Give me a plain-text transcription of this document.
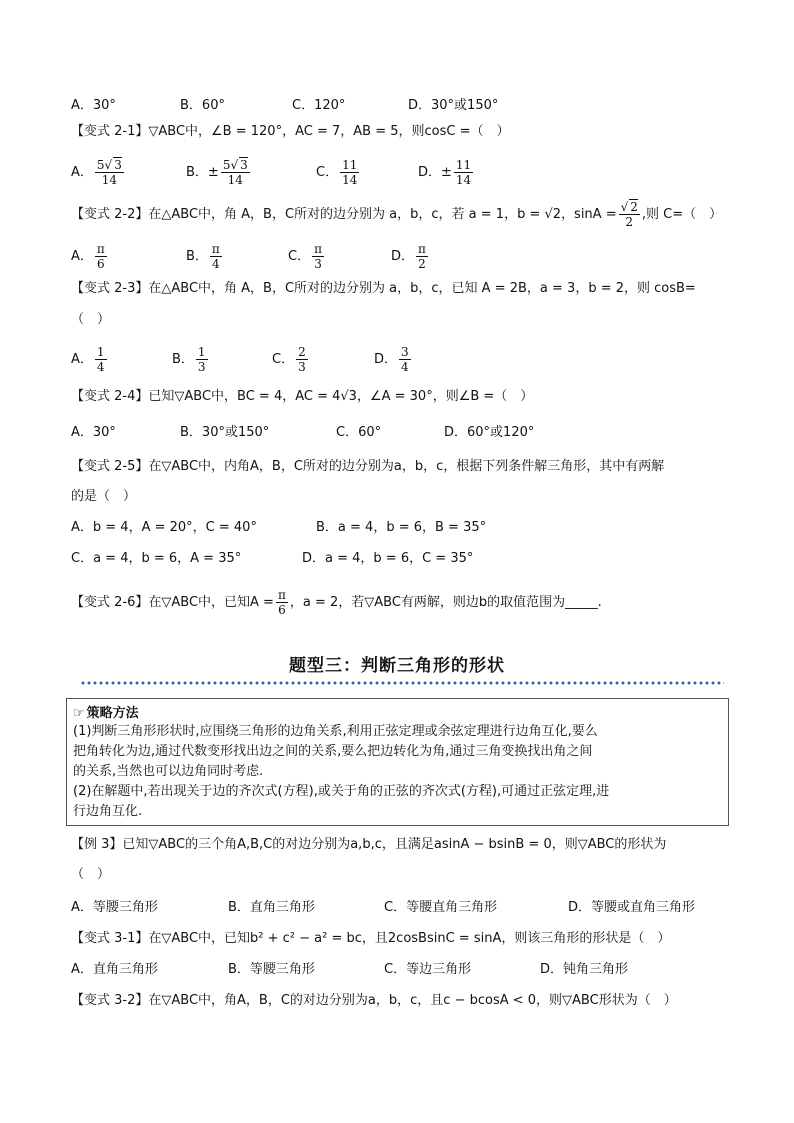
A．30°	B．60°	C．120°	D．30°或150°
【变式 2-1】▽ABC中，∠B = 120°，AC = 7，AB = 5，则cosC =（　）
A． $\frac{5√ 3}{14}$	B．± $\frac{5√ 3}{14}$	C． $\frac{11}{14}$	D．± $\frac{11}{14}$
【变式 2-2】在△ABC中，角 A，B，C所对的边分别为 a，b，c，若 a = 1，b = √2，$\sin A = \frac{√ 2}{2}$ ,则 C=（　）
A． $\frac{\pi}{6}$	B． $\frac{\pi}{4}$	C． $\frac{\pi}{3}$	D． $\frac{\pi}{2}$
【变式 2-3】在△ABC中，角 A，B，C所对的边分别为 a，b，c，已知 A = 2B，a = 3，b = 2，则 cosB=
（　）
A． $\frac{1}{4}$	B． $\frac{1}{3}$	C． $\frac{2}{3}$	D． $\frac{3}{4}$
【变式 2-4】已知▽ABC中，BC = 4，AC = 4√3，∠A = 30°，则∠B =（　）
A．30°	B．30°或150°	C．60°	D．60°或120°
【变式 2-5】在▽ABC中，内角A，B，C所对的边分别为a，b，c，根据下列条件解三角形，其中有两解
的是（　）
A．b = 4，A = 20°，C = 40°	B．a = 4，b = 6，B = 35°
C．a = 4，b = 6，A = 35°	D．a = 4，b = 6，C = 35°
【变式 2-6】在▽ABC中，已知$A = \frac{\pi}{6}$ ，a = 2，若▽ABC有两解，则边b的取值范围为_____.
题型三：判断三角形的形状
☞ 策略方法
(1)判断三角形形状时,应围绕三角形的边角关系,利用正弦定理或余弦定理进行边角互化,要么
把角转化为边,通过代数变形找出边之间的关系,要么把边转化为角,通过三角变换找出角之间
的关系,当然也可以边角同时考虑.
(2)在解题中,若出现关于边的齐次式(方程),或关于角的正弦的齐次式(方程),可通过正弦定理,进
行边角互化.
【例 3】已知▽ABC的三个角A,B,C的对边分别为a,b,c，且满足asinA − bsinB = 0，则▽ABC的形状为
（　）
A．等腰三角形	B．直角三角形	C．等腰直角三角形	D．等腰或直角三角形
【变式 3-1】在▽ABC中，已知b² + c² − a² = bc，且2cosBsinC = sinA，则该三角形的形状是（　）
A．直角三角形	B．等腰三角形	C．等边三角形	D．钝角三角形
【变式 3-2】在▽ABC中，角A，B，C的对边分别为a，b，c，且c − bcosA < 0，则▽ABC形状为（　）
